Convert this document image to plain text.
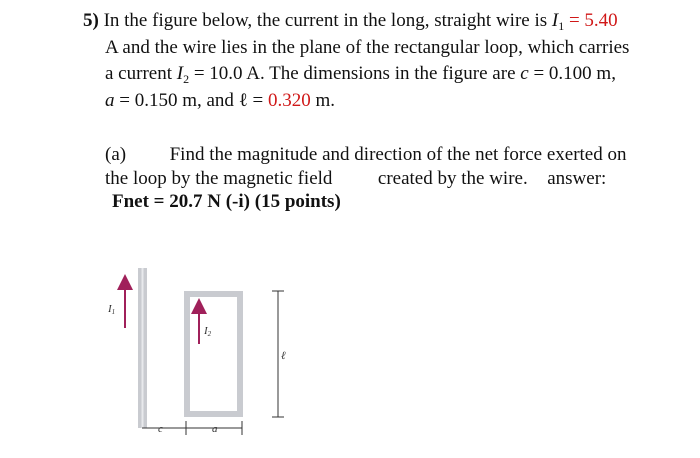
5) In the figure below, the current in the long, straight wire is $I_1 = 5.40$
A and the wire lies in the plane of the rectangular loop, which carries
a current $I_2 = 10.0$ A. The dimensions in the figure are c = 0.100 m,
a = 0.150 m, and ℓ = 0.320 m.
(a) Find the magnitude and direction of the net force exerted on
the loop by the magnetic field created by the wire. answer:
Fnet = 20.7 N (-i) (15 points)
I1
I2
ℓ
c	a
